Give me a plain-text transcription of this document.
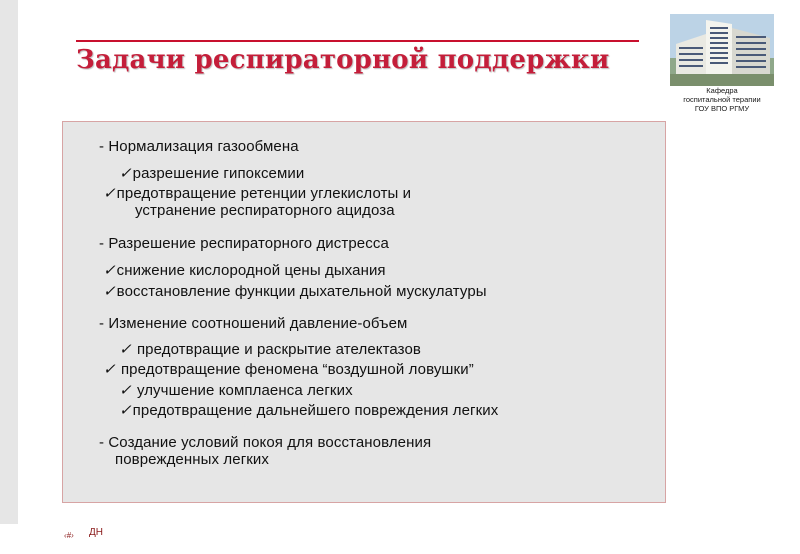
Задачи респираторной поддержки
Кафедра
госпитальной терапии
ГОУ ВПО РГМУ
- Нормализация газообмена
✓разрешение гипоксемии
✓предотвращение ретенции углекислоты и
устранение респираторного ацидоза
- Разрешение респираторного дистресса
✓снижение кислородной цены дыхания
✓восстановление функции дыхательной мускулатуры
- Изменение соотношений давление-объем
✓ предотвращие и раскрытие ателектазов
✓ предотвращение феномена “воздушной ловушки”
✓ улучшение комплаенса легких
✓предотвращение дальнейшего повреждения легких
- Создание условий покоя для восстановления
поврежденных легких
‹#› ДН
